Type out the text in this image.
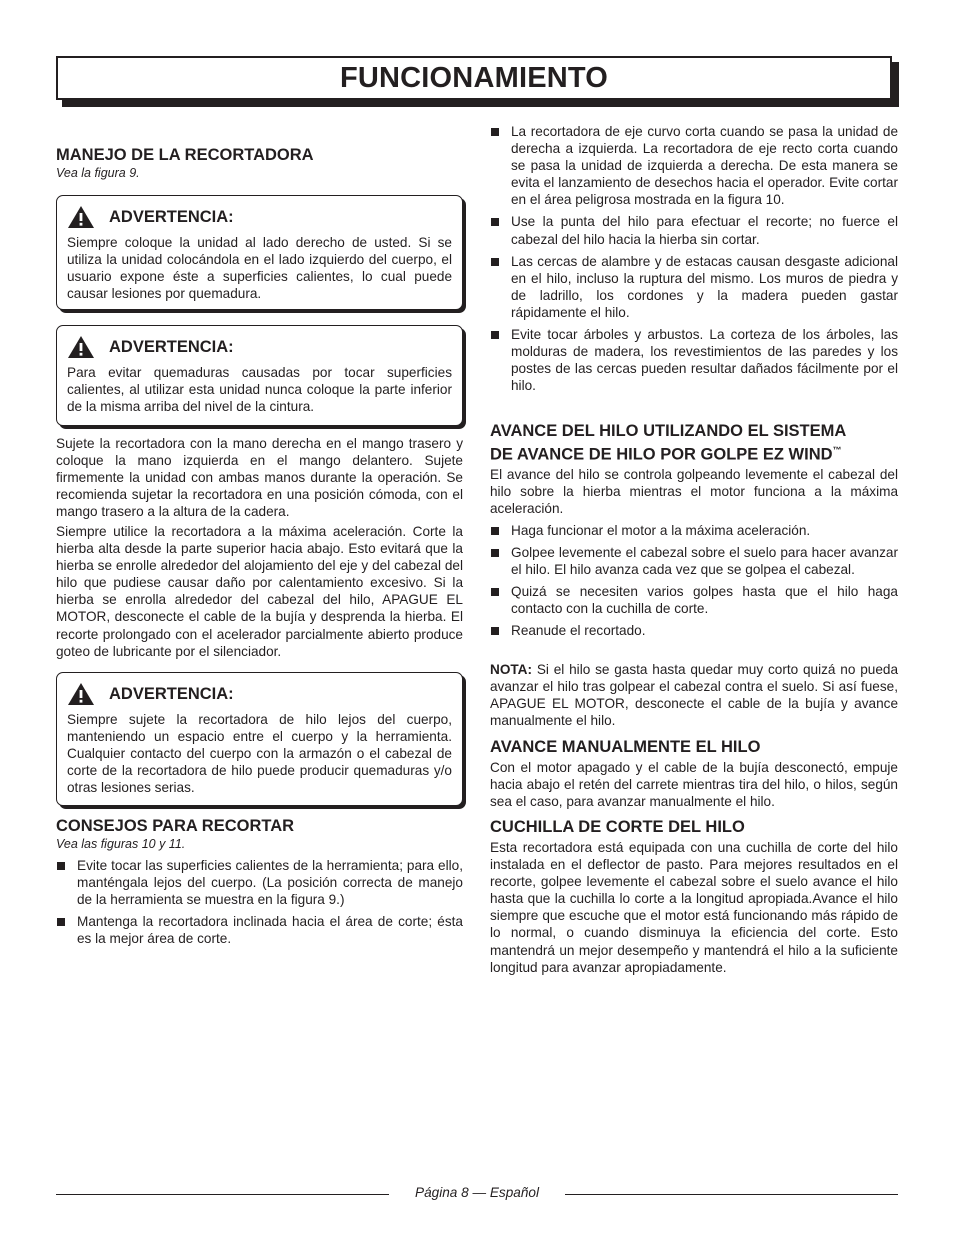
FUNCIONAMIENTO
MANEJO DE LA RECORTADORA
Vea la figura 9.
ADVERTENCIA:
Siempre coloque la unidad al lado derecho de usted. Si se utiliza la unidad colocándola en el lado izquierdo del cuerpo, el usuario expone éste a superficies calientes, lo cual puede causar lesiones por quemadura.
ADVERTENCIA:
Para evitar quemaduras causadas por tocar superficies calientes, al utilizar esta unidad nunca coloque la parte inferior de la misma arriba del nivel de la cintura.

Sujete la recortadora con la mano derecha en el mango trasero y coloque la mano izquierda en el mango delantero. Sujete firmemente la unidad con ambas manos durante la operación. Se recomienda sujetar la recortadora en una posición cómoda, con el mango trasero a la altura de la cadera.

Siempre utilice la recortadora a la máxima aceleración. Corte la hierba alta desde la parte superior hacia abajo. Esto evitará que la hierba se enrolle alrededor del alojamiento del eje y del cabezal del hilo que pudiese causar daño por calentamiento excesivo. Si la hierba se enrolla alrededor del cabezal del hilo, APAGUE EL MOTOR, desconecte el cable de la bujía y desprenda la hierba. El recorte prolongado con el acelerador parcialmente abierto produce goteo de lubricante por el silenciador.

ADVERTENCIA:
Siempre sujete la recortadora de hilo lejos del cuerpo, manteniendo un espacio entre el cuerpo y la herramienta. Cualquier contacto del cuerpo con la armazón o el cabezal de corte de la recortadora de hilo puede producir quemaduras y/o otras lesiones serias.
CONSEJOS PARA RECORTAR
Vea las figuras 10 y 11.
Evite tocar las superficies calientes de la herramienta; para ello, manténgala lejos del cuerpo. (La posición correcta de manejo de la herramienta se muestra en la figura 9.)
Mantenga la recortadora inclinada hacia el área de corte; ésta es la mejor área de corte.
La recortadora de eje curvo corta cuando se pasa la unidad de derecha a izquierda. La recortadora de eje recto corta cuando se pasa la unidad de izquierda a derecha. De esta manera se evita el lanzamiento de desechos hacia el operador. Evite cortar en el área peligrosa mostrada en la figura 10.
Use la punta del hilo para efectuar el recorte; no fuerce el cabezal del hilo hacia la hierba sin cortar.
Las cercas de alambre y de estacas causan desgaste adicional en el hilo, incluso la ruptura del mismo. Los muros de piedra y de ladrillo, los cordones y la madera pueden gastar rápidamente el hilo.
Evite tocar árboles y arbustos. La corteza de los árboles, las molduras de madera, los revestimientos de las paredes y los postes de las cercas pueden resultar dañados fácilmente por el hilo.
AVANCE DEL HILO UTILIZANDO EL SISTEMA
DE AVANCE DE HILO POR GOLPE EZ WIND™

El avance del hilo se controla golpeando levemente el cabezal del hilo sobre la hierba mientras el motor funciona a la máxima aceleración.

Haga funcionar el motor a la máxima aceleración.
Golpee levemente el cabezal sobre el suelo para hacer avanzar el hilo. El hilo avanza cada vez que se golpea el cabezal.
Quizá se necesiten varios golpes hasta que el hilo haga contacto con la cuchilla de corte.
Reanude el recortado.

NOTA: Si el hilo se gasta hasta quedar muy corto quizá no pueda avanzar el hilo tras golpear el cabezal contra el suelo. Si así fuese, APAGUE EL MOTOR, desconecte el cable de la bujía y avance manualmente el hilo.

AVANCE MANUALMENTE EL HILO

Con el motor apagado y el cable de la bujía desconectó, empuje hacia abajo el retén del carrete mientras tira del hilo, o hilos, según sea el caso, para avanzar manualmente el hilo.

CUCHILLA DE CORTE DEL HILO

Esta recortadora está equipada con una cuchilla de corte del hilo instalada en el deflector de pasto. Para mejores resultados en el recorte, golpee levemente el cabezal sobre el suelo avance el hilo hasta que la cuchilla lo corte a la longitud apropiada.Avance el hilo siempre que escuche que el motor está funcionando más rápido de lo normal, o cuando disminuya la eficiencia del corte. Esto mantendrá un mejor desempeño y mantendrá el hilo a la suficiente longitud para avanzar apropiadamente.

Página 8 — Español
